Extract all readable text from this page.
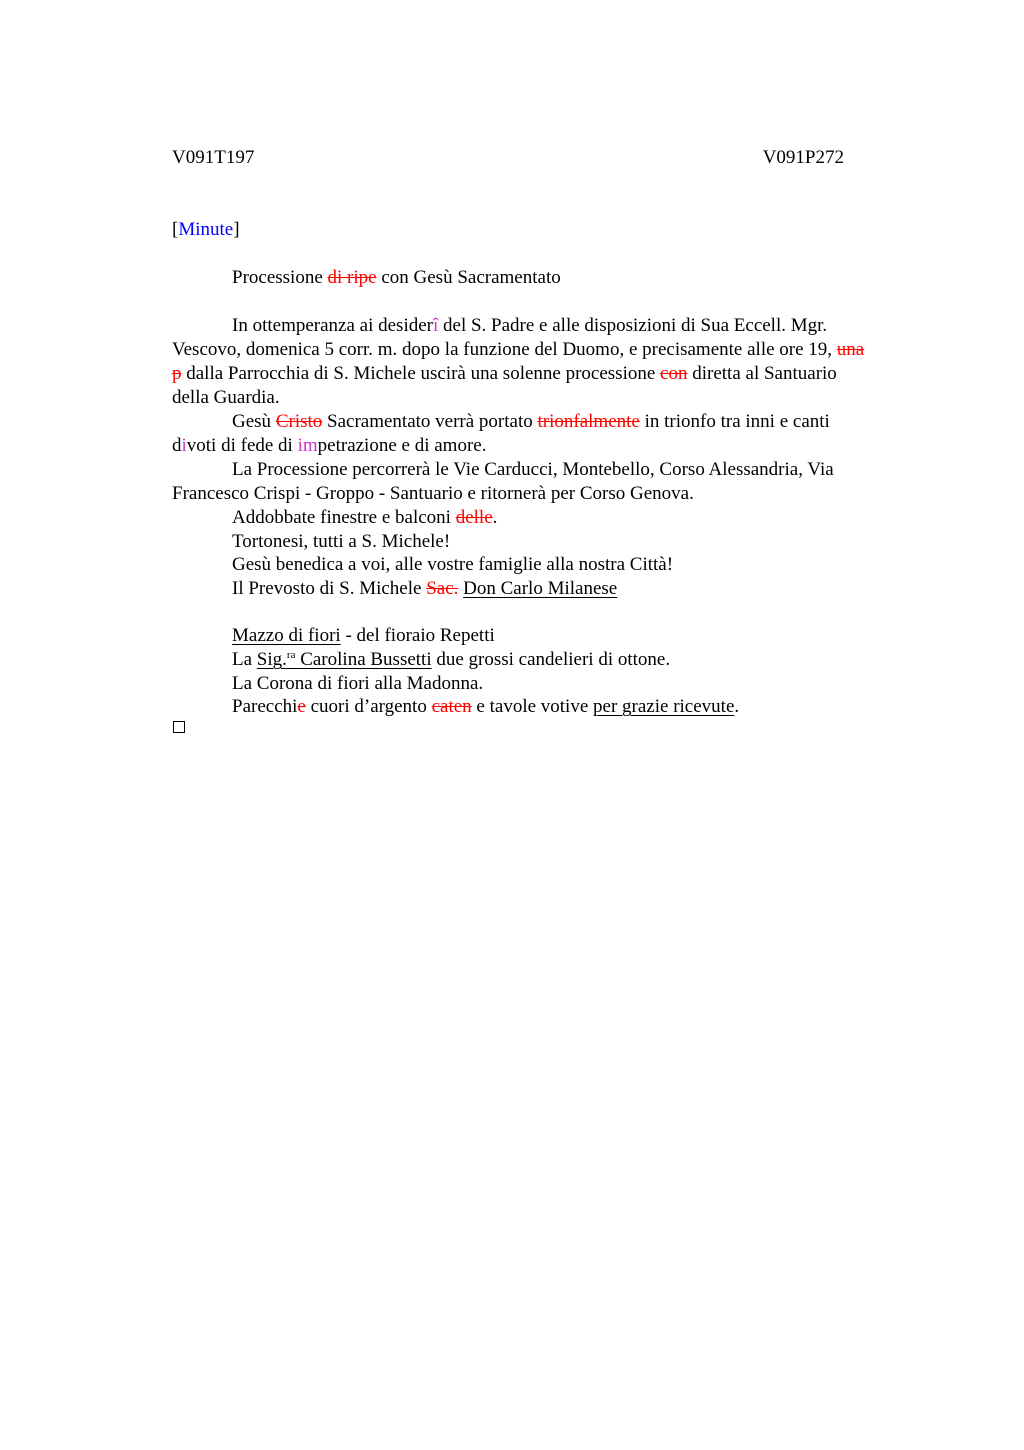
V091T197	V091P272
[Minute]
Processione di ripe con Gesù Sacramentato
In ottemperanza ai desiderî del S. Padre e alle disposizioni di Sua Eccell. Mgr.
Vescovo, domenica 5 corr. m. dopo la funzione del Duomo, e precisamente alle ore 19, una
p dalla Parrocchia di S. Michele uscirà una solenne processione con diretta al Santuario
della Guardia.
Gesù Cristo Sacramentato verrà portato trionfalmente in trionfo tra inni e canti
divoti di fede di impetrazione e di amore.
La Processione percorrerà le Vie Carducci, Montebello, Corso Alessandria, Via
Francesco Crispi - Groppo - Santuario e ritornerà per Corso Genova.
Addobbate finestre e balconi delle.
Tortonesi, tutti a S. Michele!
Gesù benedica a voi, alle vostre famiglie alla nostra Città!
Il Prevosto di S. Michele Sac. Don Carlo Milanese
Mazzo di fiori - del fioraio Repetti
La Sig.$^{ra}$ Carolina Bussetti due grossi candelieri di ottone.
La Corona di fiori alla Madonna.
Parecchie cuori d’argento caten e tavole votive per grazie ricevute.
